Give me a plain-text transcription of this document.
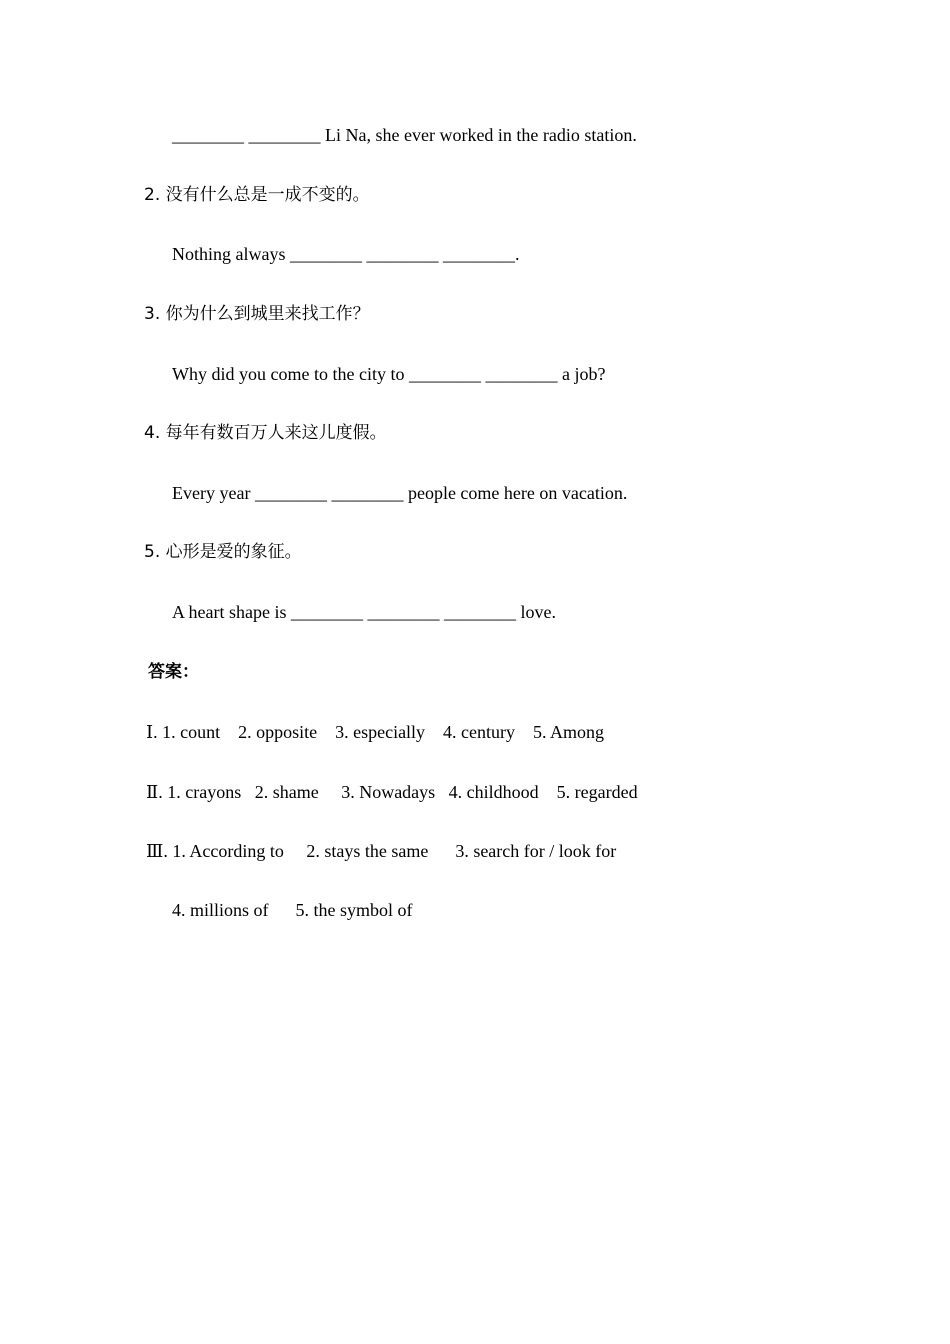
________ ________ Li Na, she ever worked in the radio station.
2. 没有什么总是一成不变的。
Nothing always ________ ________ ________.
3. 你为什么到城里来找工作？
Why did you come to the city to ________ ________ a job?
4. 每年有数百万人来这儿度假。
Every year ________ ________ people come here on vacation.
5. 心形是爱的象征。
A heart shape is ________ ________ ________ love.
答案：
Ⅰ. 1. count    2. opposite    3. especially    4. century    5. Among
Ⅱ. 1. crayons   2. shame     3. Nowadays   4. childhood    5. regarded
Ⅲ. 1. According to     2. stays the same      3. search for / look for
4. millions of      5. the symbol of
